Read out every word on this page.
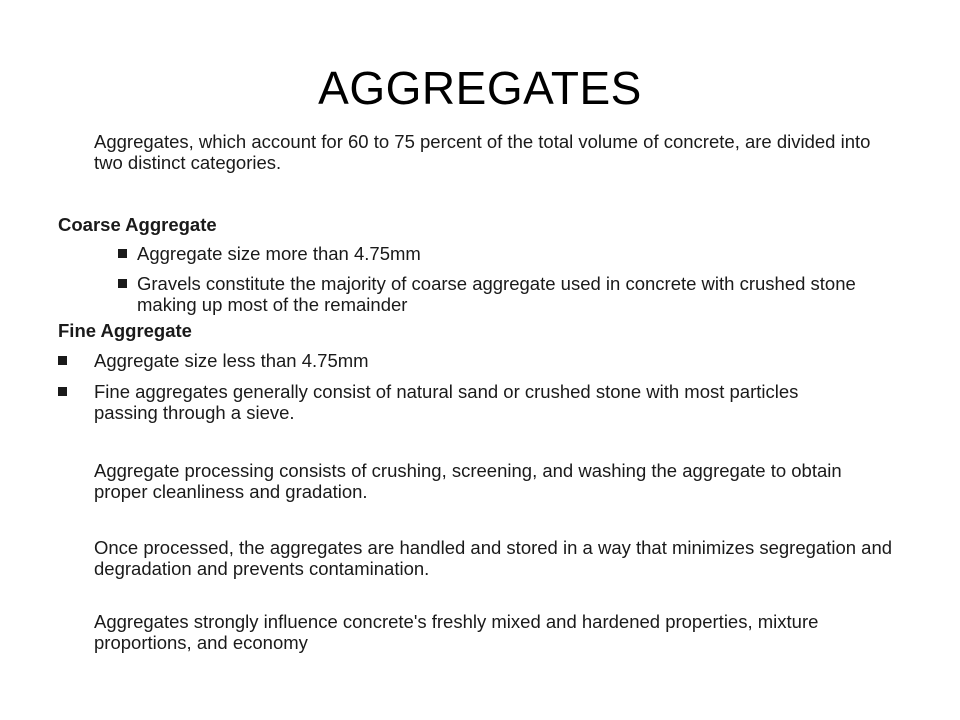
AGGREGATES

Aggregates, which account for 60 to 75 percent of the total volume of concrete, are divided into two distinct categories.

Coarse Aggregate
Aggregate size more than 4.75mm
Gravels constitute the majority of coarse aggregate used in concrete with crushed stone making up most of the remainder
Fine Aggregate
Aggregate size less than 4.75mm
Fine aggregates generally consist of natural sand or crushed stone with most particles passing through a sieve.

Aggregate processing consists of crushing, screening, and washing the aggregate to obtain proper cleanliness and gradation.

Once processed, the aggregates are handled and stored in a way that minimizes segregation and degradation and prevents contamination.

Aggregates strongly influence concrete's freshly mixed and hardened properties, mixture proportions, and economy
